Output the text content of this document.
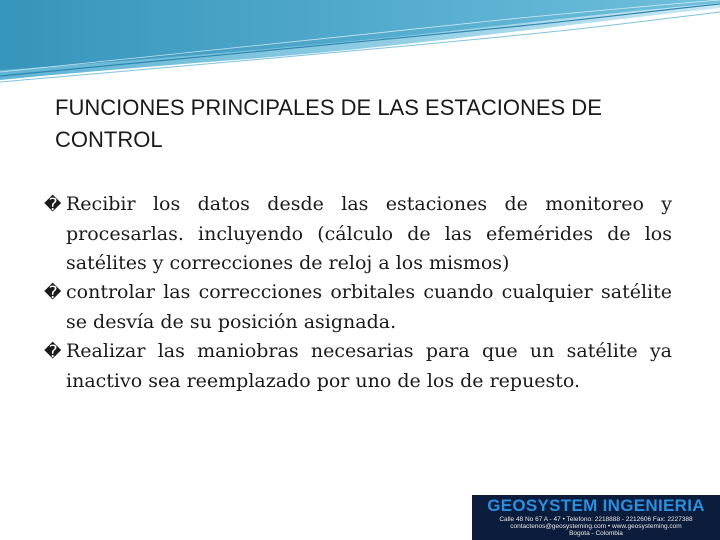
FUNCIONES PRINCIPALES DE LAS ESTACIONES DE CONTROL
� Recibir los datos desde las estaciones de monitoreo y procesarlas. incluyendo (cálculo de las efemérides de los satélites y correcciones de reloj a los mismos)
� controlar las correcciones orbitales cuando cualquier satélite se desvía de su posición asignada.
� Realizar las maniobras necesarias para que un satélite ya inactivo sea reemplazado por uno de los de repuesto.
GEOSYSTEM INGENIERIA
Calle 48 No 67 A - 47 • Telefono: 2218888 - 2212606 Fax: 2227388
contactenos@geosysteming.com • www.geosysteming.com
Bogota - Colombia
